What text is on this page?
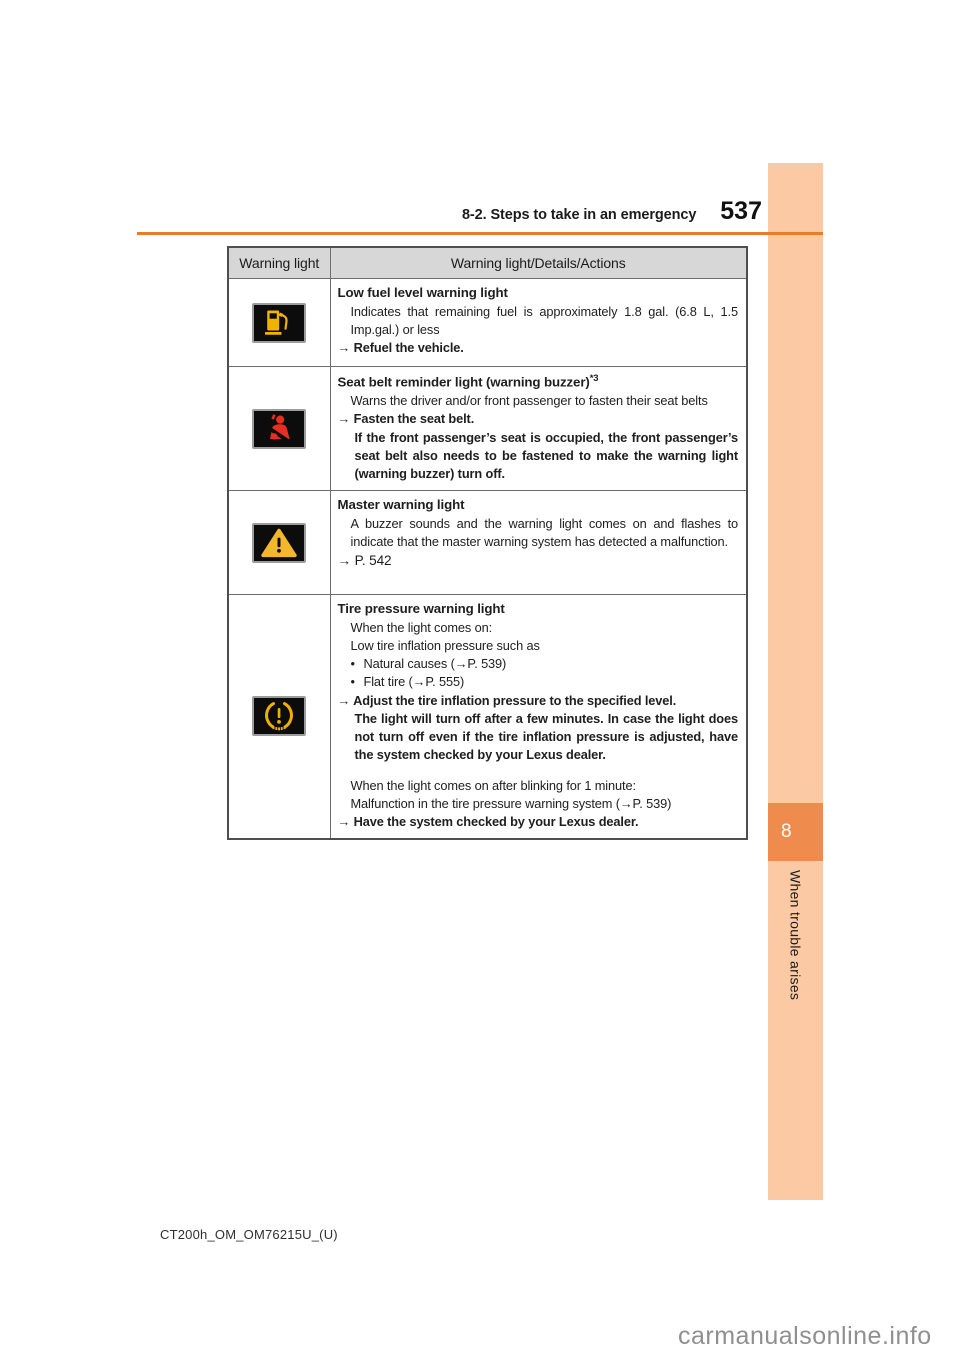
8
When trouble arises
8-2. Steps to take in an emergency 537
Warning light	Warning light/Details/Actions

Low fuel level warning light
Indicates that remaining fuel is approximately 1.8 gal. (6.8 L, 1.5 Imp.gal.) or less
→ Refuel the vehicle.

Seat belt reminder light (warning buzzer)$^{*3}$
Warns the driver and/or front passenger to fasten their seat belts
→ Fasten the seat belt.
If the front passenger’s seat is occupied, the front passenger’s seat belt also needs to be fastened to make the warning light (warning buzzer) turn off.

Master warning light
A buzzer sounds and the warning light comes on and flashes to indicate that the master warning system has detected a malfunction.
→ P. 542

Tire pressure warning light
When the light comes on:
Low tire inflation pressure such as
• Natural causes (→P. 539)
• Flat tire (→P. 555)
→ Adjust the tire inflation pressure to the specified level.
The light will turn off after a few minutes. In case the light does not turn off even if the tire inflation pressure is adjusted, have the system checked by your Lexus dealer.
When the light comes on after blinking for 1 minute:
Malfunction in the tire pressure warning system (→P. 539)
→ Have the system checked by your Lexus dealer.
CT200h_OM_OM76215U_(U)
carmanualsonline.info
